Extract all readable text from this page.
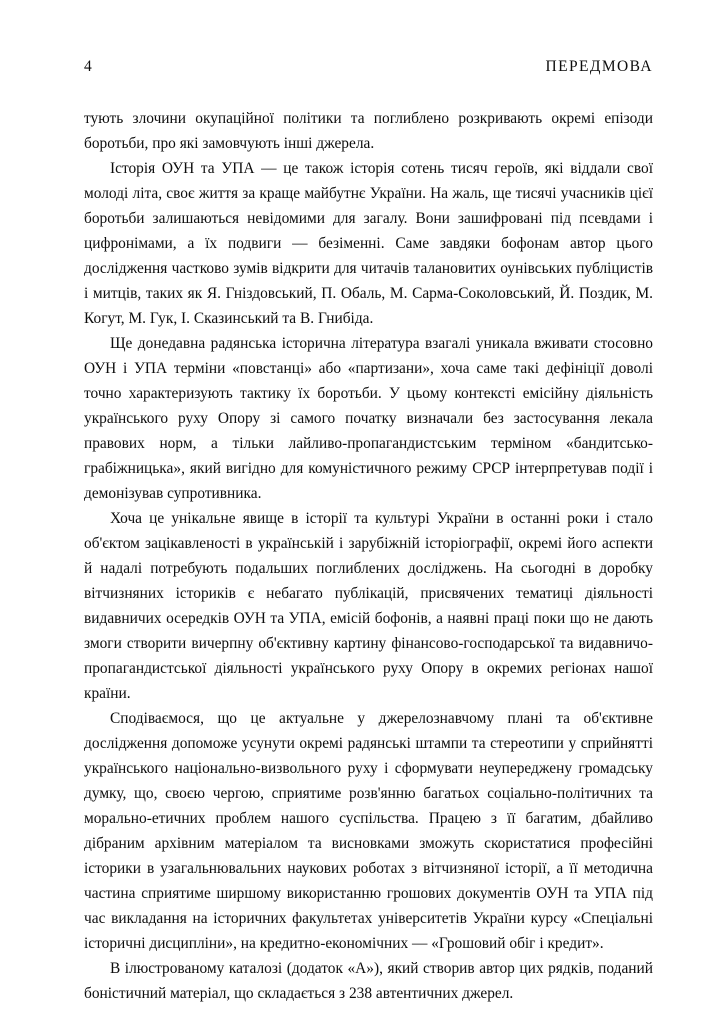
4	ПЕРЕДМОВА

тують злочини окупаційної політики та поглиблено розкривають окремі епізоди боротьби, про які замовчують інші джерела.

Історія ОУН та УПА — це також історія сотень тисяч героїв, які віддали свої молоді літа, своє життя за краще майбутнє України. На жаль, ще тисячі учасників цієї боротьби залишаються невідомими для загалу. Вони зашифровані під псевдами і цифронімами, а їх подвиги — безіменні. Саме завдяки бофонам автор цього дослідження частково зумів відкрити для читачів талановитих оунівських публіцистів і митців, таких як Я. Гніздовський, П. Обаль, М. Сарма-Соколовський, Й. Поздик, М. Когут, М. Гук, І. Сказинський та В. Гнибіда.

Ще донедавна радянська історична література взагалі уникала вживати стосовно ОУН і УПА терміни «повстанці» або «партизани», хоча саме такі дефініції доволі точно характеризують тактику їх боротьби. У цьому контексті емісійну діяльність українського руху Опору зі самого початку визначали без застосування лекала правових норм, а тільки лайливо-пропагандистським терміном «бандитсько- грабіжницька», який вигідно для комуністичного режиму СРСР інтерпретував події і демонізував супротивника.

Хоча це унікальне явище в історії та культурі України в останні роки і стало об'єктом зацікавленості в українській і зарубіжній історіографії, окремі його аспекти й надалі потребують подальших поглиблених досліджень. На сьогодні в доробку вітчизняних істориків є небагато публікацій, присвячених тематиці діяльності видавничих осередків ОУН та УПА, емісій бофонів, а наявні праці поки що не дають змоги створити вичерпну об'єктивну картину фінансово-господарської та видавничо-пропагандистської діяльності українського руху Опору в окремих регіонах нашої країни.

Сподіваємося, що це актуальне у джерелознавчому плані та об'єктивне дослідження допоможе усунути окремі радянські штампи та стереотипи у сприйнятті українського національно-визвольного руху і сформувати неупереджену громадську думку, що, своєю чергою, сприятиме розв'янню багатьох соціально-політичних та морально-етичних проблем нашого суспільства. Працею з її багатим, дбайливо дібраним архівним матеріалом та висновками зможуть скористатися професійні історики в узагальнювальних наукових роботах з вітчизняної історії, а її методична частина сприятиме ширшому використанню грошових документів ОУН та УПА під час викладання на історичних факультетах університетів України курсу «Спеціальні історичні дисципліни», на кредитно-економічних — «Грошовий обіг і кредит».

В ілюстрованому каталозі (додаток «А»), який створив автор цих рядків, поданий боністичний матеріал, що складається з 238 автентичних джерел.
